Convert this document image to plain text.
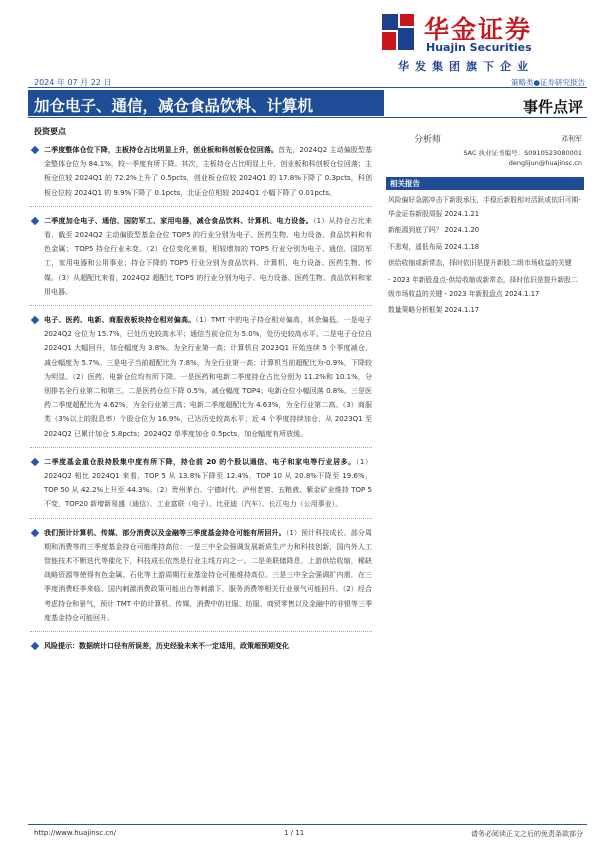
华金证券
Huajin Securities
华发集团旗下企业
2024 年 07 月 22 日	策略类●证券研究报告
加仓电子、通信，减仓食品饮料、计算机	事件点评
投资要点
二季度整体仓位下降，主板持仓占比明显上升，创业板和科创板仓位回落。首先，2024Q2 主动偏股型基金整体仓位为 84.1%，较一季度有所下降。其次，主板持仓占比明显上升，创业板和科创板仓位回落；主板仓位较 2024Q1 的 72.2%上升了 0.5pcts，创业板仓位较 2024Q1 的 17.8%下降了 0.3pcts，科创板仓位较 2024Q1 的 9.9%下降了 0.1pcts，北证仓位相较 2024Q1 小幅下降了 0.01pcts。
二季度加仓电子、通信、国防军工、家用电器，减仓食品饮料、计算机、电力设备。（1）从持仓占比来看，截至 2024Q2 主动偏股型基金仓位 TOP5 的行业分别为电子、医药生物、电力设备、食品饮料和有色金属； TOP5 持仓行业未变。（2）仓位变化来看，相较增加的 TOP5 行业分别为电子、通信、国防军工，家用电器和公用事业；持仓下降的 TOP5 行业分别为食品饮料、计算机、电力设备、医药生物、传媒。（3）从超配比来看，2024Q2 超配比 TOP5 的行业分别为电子、电力设备、医药生物、食品饮料和家用电器。
电子、医药、电新、商服表板块持仓相对偏高。（1）TMT 中的电子持仓相对偏高，其余偏低。一是电子 2024Q2 仓位为 15.7%，已处历史较高水平；通信当前仓位为 5.0%，处历史较高水平。二是电子仓位自 2024Q1 大幅回升，加仓幅度为 3.8%。为全行业第一高；计算机自 2023Q1 开始连续 5 个季度减仓，减仓幅度为 5.7%。三是电子当前超配比为 7.8%，为全行业第一高；计算机当前超配比为-0.9%，下降较为明显。（2）医药、电新仓位均有所下降。一是医药和电新二季度持仓占比分别为 11.2%和 10.1%，分别排名全行业第二和第三。二是医药仓位下降 0.5%，减仓幅度 TOP4；电新仓位小幅回落 0.8%。三是医药二季度超配比为 4.62%，为全行业第三高；电新二季度超配比为 4.63%，为全行业第二高。（3）商服类（3%以上的股息率）个股仓位为 16.9%，已达历史较高水平；近 4 个季度持续加仓，从 2023Q1 至 2024Q2 已累计加仓 5.8pcts；2024Q2 单季度加仓 0.5pcts，加仓幅度有所放缓。
二季度基金重仓股持股集中度有所下降，持仓前 20 的个股以通信、电子和家电等行业居多。（1）2024Q2 相比 2024Q1 来看，TOP 5 从 13.8%下降至 12.4%，TOP 10 从 20.8%下降至 19.6%，TOP 50 从 42.2%上升至 44.3%。（2）贵州茅台、宁德时代、泸州老窖、五粮液、紫金矿业维持 TOP 5 不变，TOP20 新增新易盛（通信）、工业富联（电子）、比亚迪（汽车）、长江电力（公用事业）。
我们预计计算机、传媒、部分消费以及金融等三季度基金持仓可能有所回升。（1）预计科技成长、部分周期和消费等的三季度基金持仓可能维持高位：一是三中全会强调发展新质生产力和科技创新，国内外人工智能技术不断迭代等催化下，科技成长依然是行业主线方向之一。二是美联储降息，上游供给收缩，稀缺战略资源等使得有色金属、石化等上游周期行业基金持仓可能维持高位。三是三中全会强调扩内需，在三季度消费旺季来临、国内刺激消费政策可能出台等刺激下，服务消费等相关行业景气可能回升。（2）经合考虑持仓和景气，预计 TMT 中的计算机、传媒，消费中的社服、纺服、商贸零售以及金融中的非银等三季度基金持仓可能回升。
风险提示：数据统计口径有所误差，历史经验未来不一定适用，政策超预期变化
分析师	邓利军
SAC 执业证书编号：S0910523080001
denglijun@huajinsc.cn
相关报告
风险偏好急剧冲击下新股承压，手稳后新股相对活跃或依旧可期-华金证券新股周报 2024.1.21
新能源到底了吗？ 2024.1.20
不悲观，遥低布局 2024.1.18
供给收缩或新常态，择时依旧是提升新股二级市场收益的关键
- 2023 年新股盘点-供给收缩或新常态，择时依旧是提升新股二级市场收益的关键 - 2023 年新股盘点 2024.1.17
数量策略分析框架 2024.1.17
http://www.huajinsc.cn/	1 / 11	请务必阅读正文之后的免责条款部分
